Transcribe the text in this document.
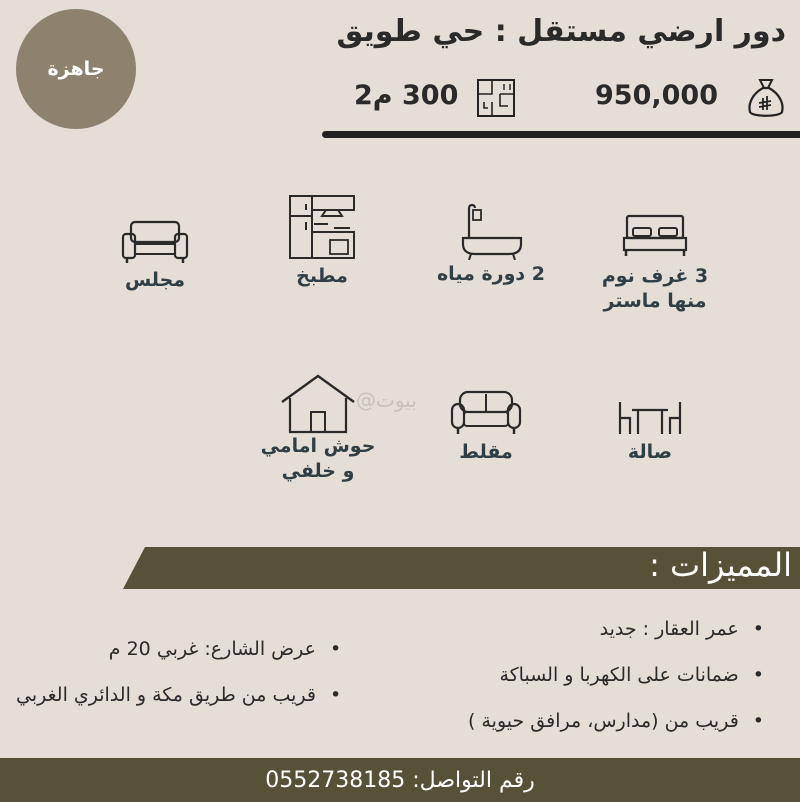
جاهزة
دور ارضي مستقل : حي طويق
950,000
300 م2
3 غرف نوم
منها ماستر
2 دورة مياه
مطبخ
مجلس
صالة
مقلط
حوش امامي
و خلفي
بيوت@
المميزات :
• عمر العقار : جديد
• ضمانات على الكهربا و السباكة
• قريب من (مدارس، مرافق حيوية )
• عرض الشارع: غربي 20 م
• قريب من طريق مكة و الدائري الغربي
رقم التواصل: 0552738185
